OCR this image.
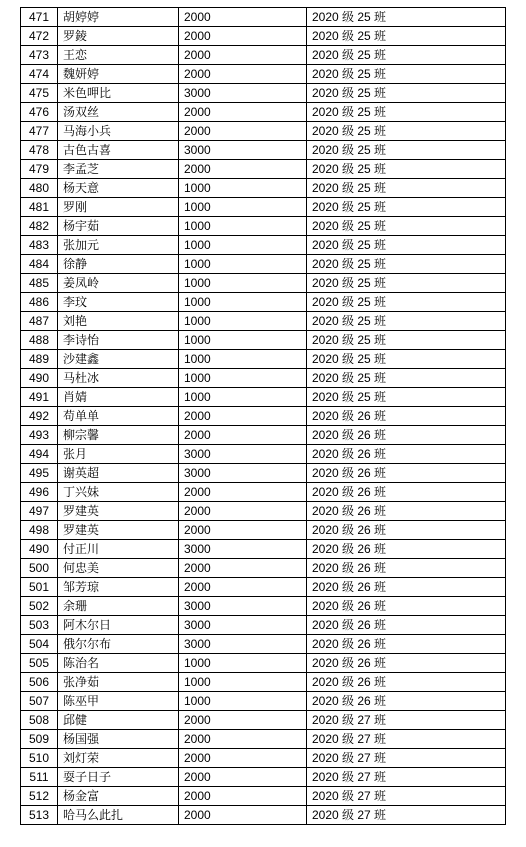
471	胡婷婷	2000	2020 级 25 班
472	罗錂	2000	2020 级 25 班
473	王恋	2000	2020 级 25 班
474	魏妍婷	2000	2020 级 25 班
475	米色呷比	3000	2020 级 25 班
476	汤双丝	2000	2020 级 25 班
477	马海小兵	2000	2020 级 25 班
478	古色古喜	3000	2020 级 25 班
479	李孟芝	2000	2020 级 25 班
480	杨天意	1000	2020 级 25 班
481	罗刚	1000	2020 级 25 班
482	杨宇茹	1000	2020 级 25 班
483	张加元	1000	2020 级 25 班
484	徐静	1000	2020 级 25 班
485	姜凤岭	1000	2020 级 25 班
486	李玟	1000	2020 级 25 班
487	刘艳	1000	2020 级 25 班
488	李诗怡	1000	2020 级 25 班
489	沙建鑫	1000	2020 级 25 班
490	马杜冰	1000	2020 级 25 班
491	肖婧	1000	2020 级 25 班
492	苟单单	2000	2020 级 26 班
493	柳宗馨	2000	2020 级 26 班
494	张月	3000	2020 级 26 班
495	谢英超	3000	2020 级 26 班
496	丁兴妹	2000	2020 级 26 班
497	罗建英	2000	2020 级 26 班
498	罗建英	2000	2020 级 26 班
490	付正川	3000	2020 级 26 班
500	何忠美	2000	2020 级 26 班
501	邹芳琼	2000	2020 级 26 班
502	余珊	3000	2020 级 26 班
503	阿木尔日	3000	2020 级 26 班
504	俄尔尔布	3000	2020 级 26 班
505	陈治名	1000	2020 级 26 班
506	张净茹	1000	2020 级 26 班
507	陈巫甲	1000	2020 级 26 班
508	邱健	2000	2020 级 27 班
509	杨国强	2000	2020 级 27 班
510	刘灯荣	2000	2020 级 27 班
511	耍子日子	2000	2020 级 27 班
512	杨金富	2000	2020 级 27 班
513	哈马么此扎	2000	2020 级 27 班
